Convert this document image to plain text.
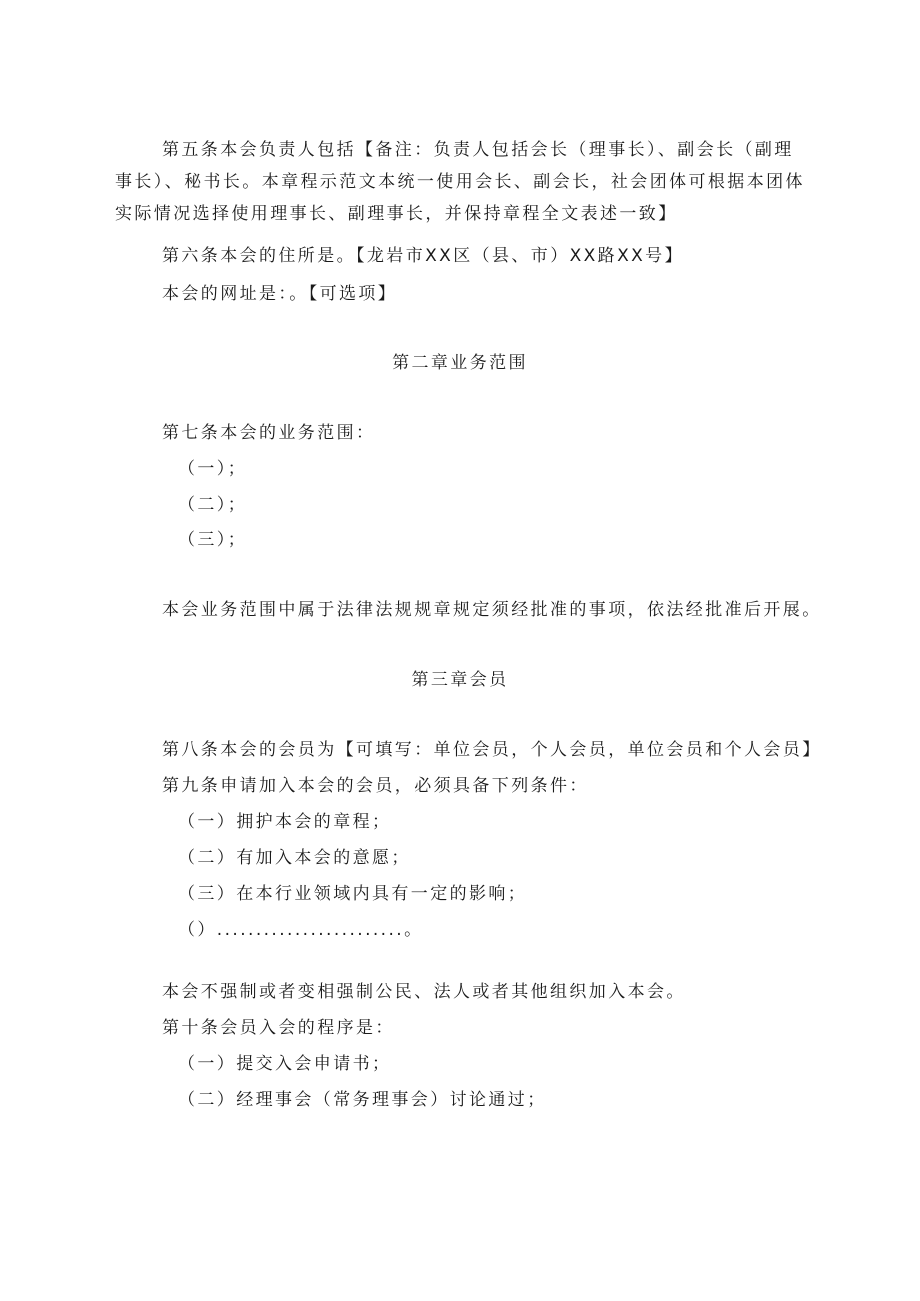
第五条本会负责人包括【备注：负责人包括会长（理事长）、副会长（副理事长）、秘书长。本章程示范文本统一使用会长、副会长，社会团体可根据本团体实际情况选择使用理事长、副理事长，并保持章程全文表述一致】

第六条本会的住所是。【龙岩市XX区（县、市）XX路XX号】

本会的网址是：。【可选项】

第二章业务范围

第七条本会的业务范围：

（一）；

（二）；

（三）；

本会业务范围中属于法律法规规章规定须经批准的事项，依法经批准后开展。

第三章会员

第八条本会的会员为【可填写：单位会员，个人会员，单位会员和个人会员】

第九条申请加入本会的会员，必须具备下列条件：

（一）拥护本会的章程；

（二）有加入本会的意愿；

（三）在本行业领域内具有一定的影响；

（）........................。

本会不强制或者变相强制公民、法人或者其他组织加入本会。

第十条会员入会的程序是：

（一）提交入会申请书；

（二）经理事会（常务理事会）讨论通过；
